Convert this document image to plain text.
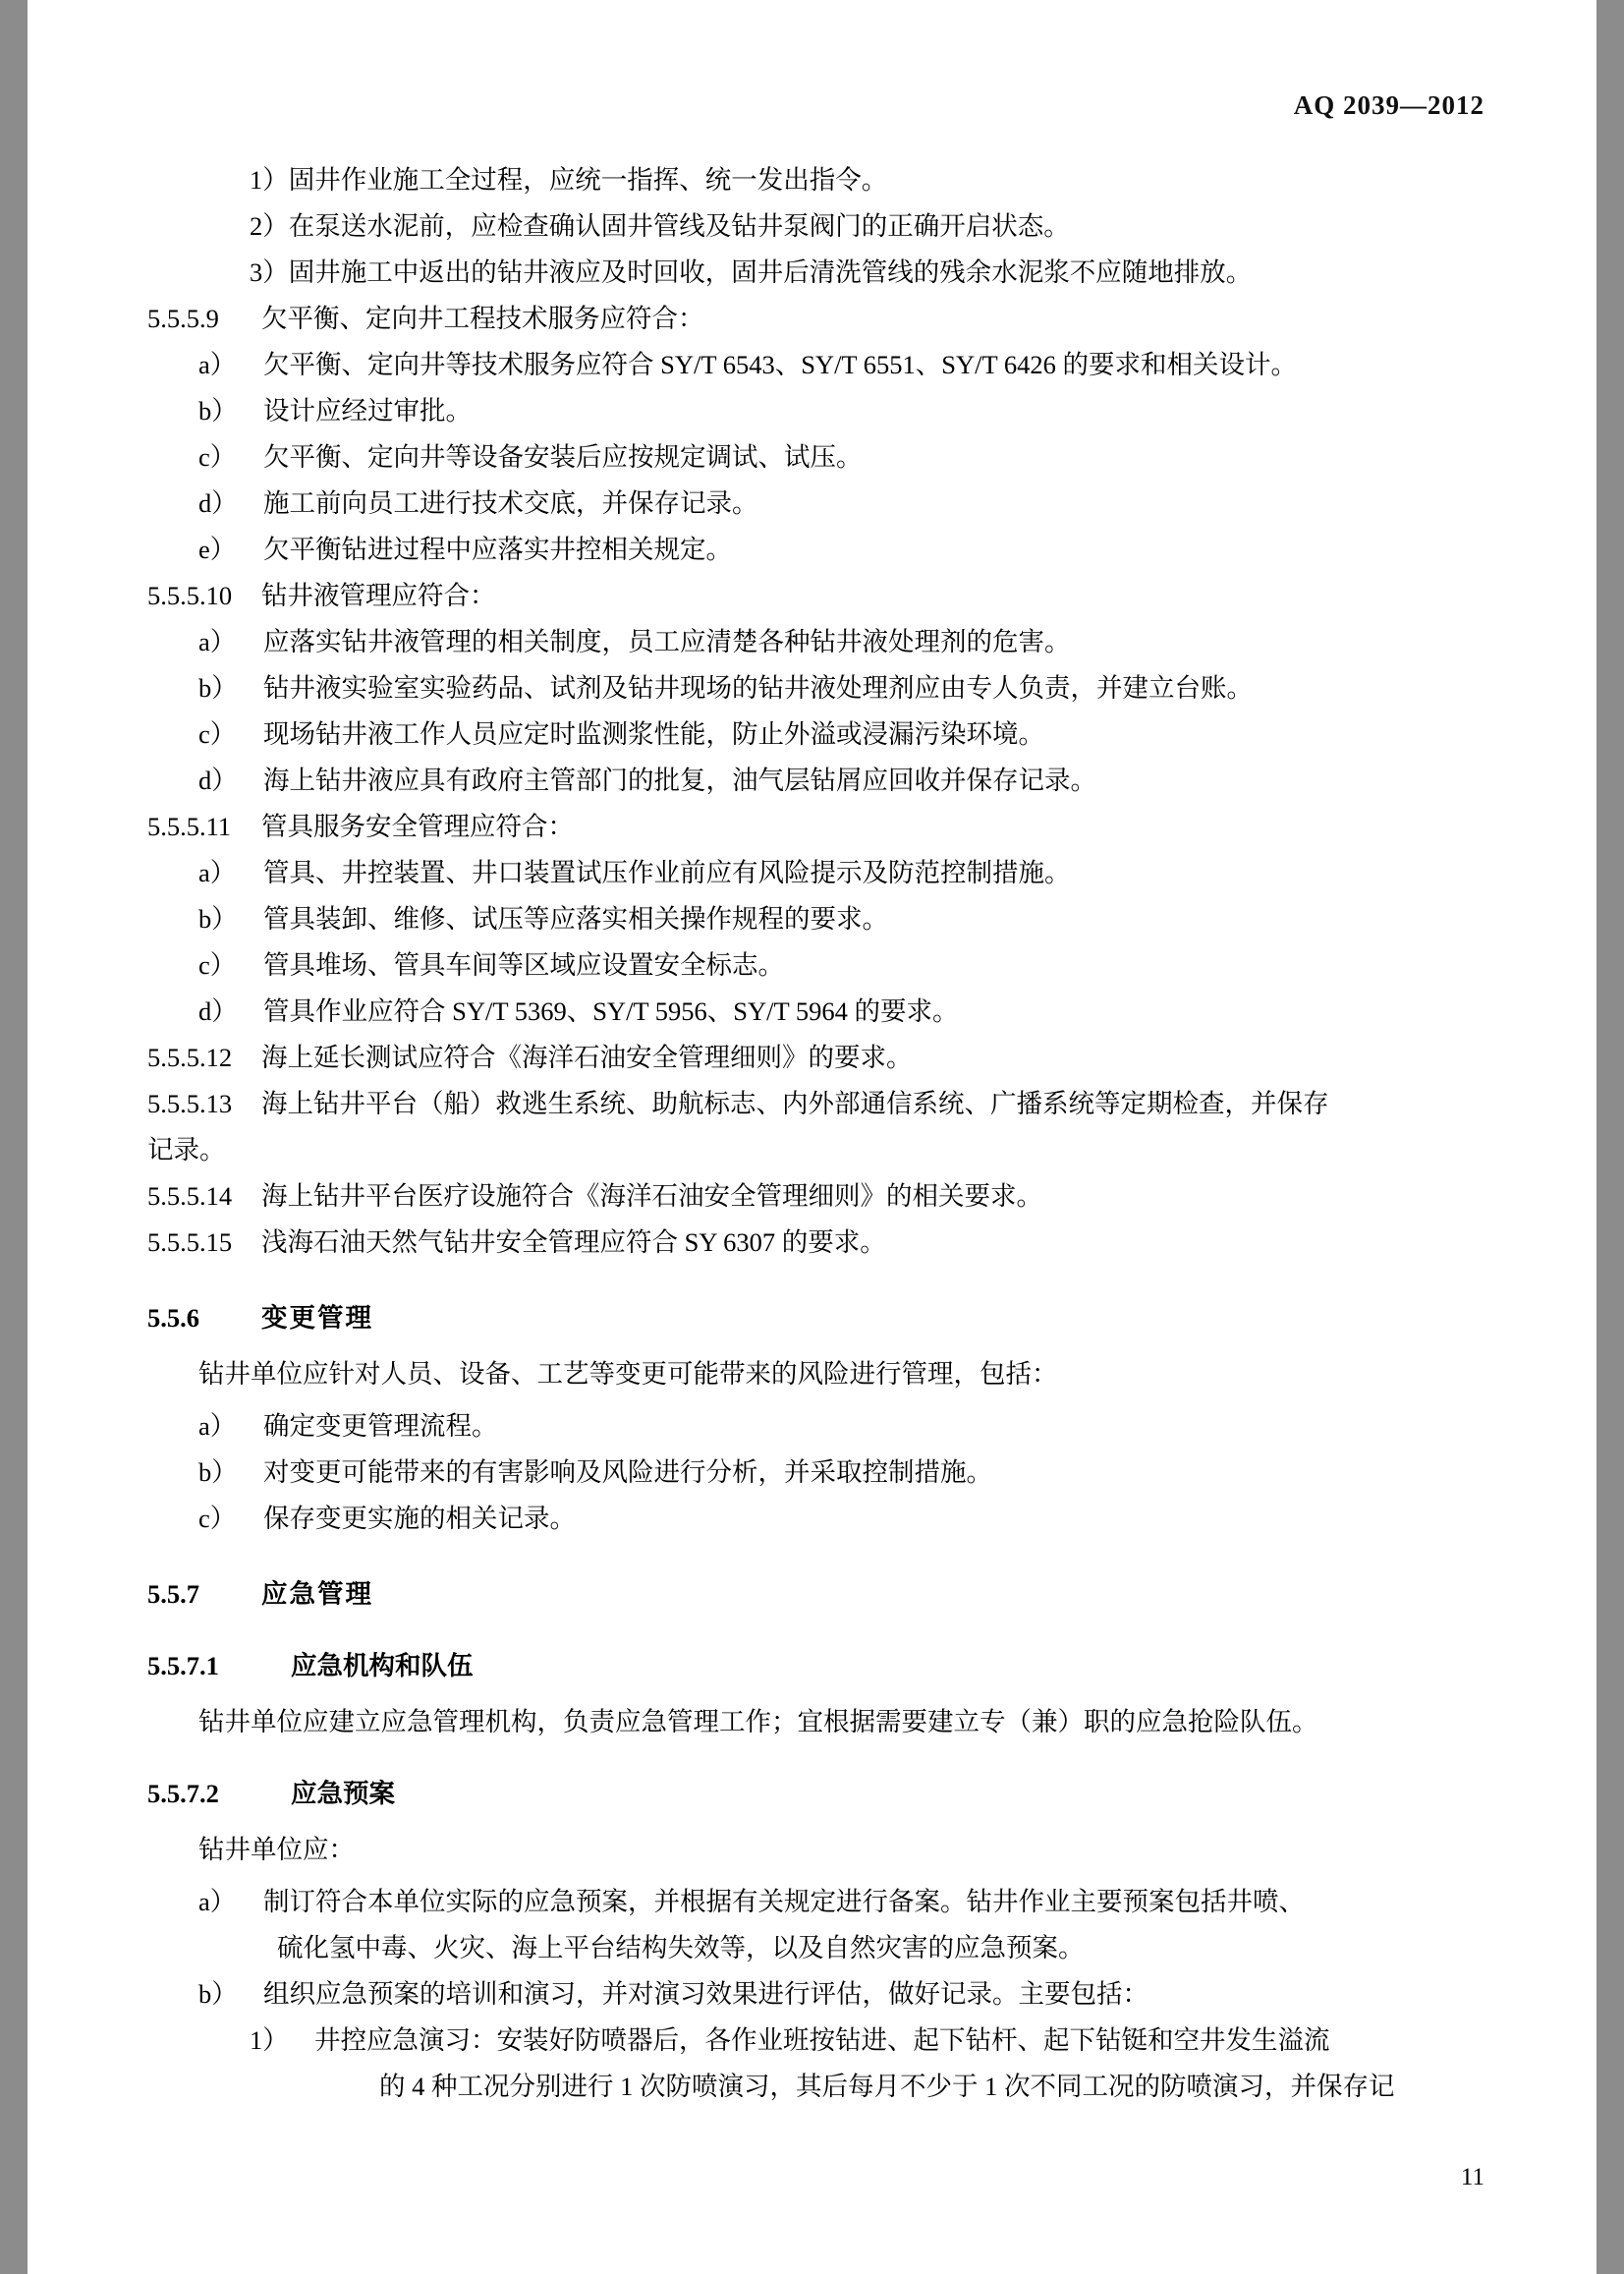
AQ 2039—2012
1） 固井作业施工全过程，应统一指挥、统一发出指令。
2） 在泵送水泥前，应检查确认固井管线及钻井泵阀门的正确开启状态。
3） 固井施工中返出的钻井液应及时回收，固井后清洗管线的残余水泥浆不应随地排放。
5.5.5.9	欠平衡、定向井工程技术服务应符合：
a）	欠平衡、定向井等技术服务应符合 SY/T 6543、SY/T 6551、SY/T 6426 的要求和相关设计。
b） 设计应经过审批。
c）	欠平衡、定向井等设备安装后应按规定调试、试压。
d） 施工前向员工进行技术交底，并保存记录。
e）	欠平衡钻进过程中应落实井控相关规定。
5.5.5.10	钻井液管理应符合：
a）	应落实钻井液管理的相关制度，员工应清楚各种钻井液处理剂的危害。
b） 钻井液实验室实验药品、试剂及钻井现场的钻井液处理剂应由专人负责，并建立台账。
c）	现场钻井液工作人员应定时监测浆性能，防止外溢或浸漏污染环境。
d） 海上钻井液应具有政府主管部门的批复，油气层钻屑应回收并保存记录。
5.5.5.11	管具服务安全管理应符合：
a）	管具、井控装置、井口装置试压作业前应有风险提示及防范控制措施。
b） 管具装卸、维修、试压等应落实相关操作规程的要求。
c）	管具堆场、管具车间等区域应设置安全标志。
d） 管具作业应符合 SY/T 5369、SY/T 5956、SY/T 5964 的要求。
5.5.5.12	海上延长测试应符合《海洋石油安全管理细则》的要求。
5.5.5.13	海上钻井平台（船）救逃生系统、助航标志、内外部通信系统、广播系统等定期检查，并保存
记录。
5.5.5.14	海上钻井平台医疗设施符合《海洋石油安全管理细则》的相关要求。
5.5.5.15	浅海石油天然气钻井安全管理应符合 SY 6307 的要求。
5.5.6	变更管理
钻井单位应针对人员、设备、工艺等变更可能带来的风险进行管理，包括：
a）	确定变更管理流程。
b） 对变更可能带来的有害影响及风险进行分析，并采取控制措施。
c）	保存变更实施的相关记录。
5.5.7	应急管理
5.5.7.1	应急机构和队伍
钻井单位应建立应急管理机构，负责应急管理工作；宜根据需要建立专（兼）职的应急抢险队伍。
5.5.7.2	应急预案
钻井单位应：
a）	制订符合本单位实际的应急预案，并根据有关规定进行备案。钻井作业主要预案包括井喷、
硫化氢中毒、火灾、海上平台结构失效等，以及自然灾害的应急预案。
b） 组织应急预案的培训和演习，并对演习效果进行评估，做好记录。主要包括：
1） 井控应急演习：安装好防喷器后，各作业班按钻进、起下钻杆、起下钻铤和空井发生溢流
的 4 种工况分别进行 1 次防喷演习，其后每月不少于 1 次不同工况的防喷演习，并保存记
11
